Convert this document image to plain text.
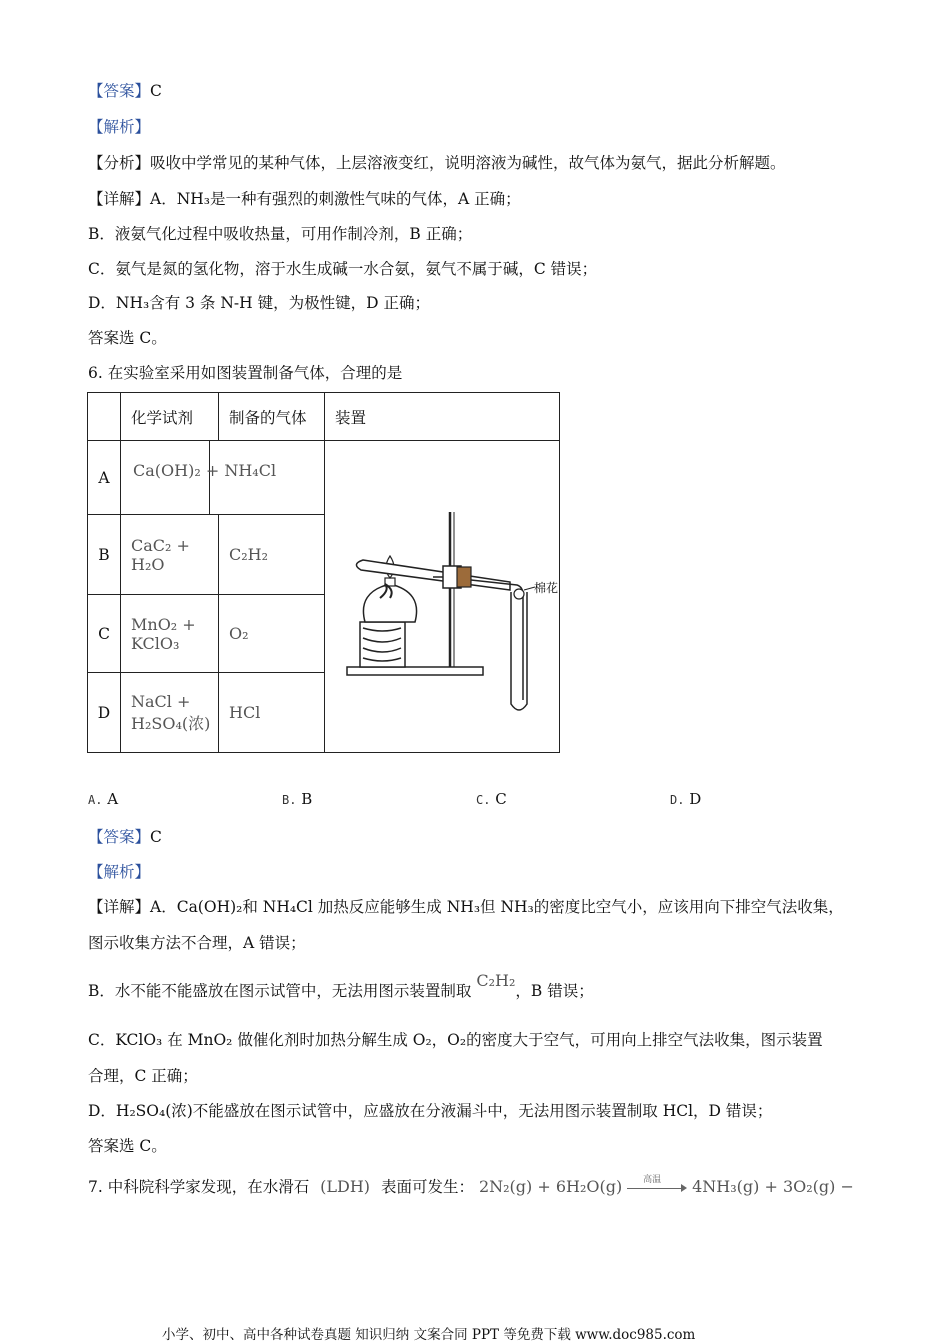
【答案】C
【解析】
【分析】吸收中学常见的某种气体，上层溶液变红，说明溶液为碱性，故气体为氨气，据此分析解题。
【详解】A．NH₃是一种有强烈的刺激性气味的气体，A 正确；
B．液氨气化过程中吸收热量，可用作制冷剂，B 正确；
C．氨气是氮的氢化物，溶于水生成碱一水合氨，氨气不属于碱，C 错误；
D．NH₃含有 3 条 N-H 键，为极性键，D 正确；
答案选 C。
6. 在实验室采用如图装置制备气体，合理的是
	化学试剂	制备的气体	装置
A	Ca(OH)₂ + NH₄Cl		棉花

B	CaC₂ + H₂O	C₂H₂	
C	MnO₂ + KClO₃	O₂	
D	NaCl + H₂SO₄(浓)	HCl	
A. A	B. B	C. C	D. D
【答案】C
【解析】
【详解】A．Ca(OH)₂和 NH₄Cl 加热反应能够生成 NH₃但 NH₃的密度比空气小，应该用向下排空气法收集，
图示收集方法不合理，A 错误；
B．水不能不能盛放在图示试管中，无法用图示装置制取 C₂H₂，B 错误；
C．KClO₃ 在 MnO₂ 做催化剂时加热分解生成 O₂，O₂的密度大于空气，可用向上排空气法收集，图示装置
合理，C 正确；
D．H₂SO₄(浓)不能盛放在图示试管中，应盛放在分液漏斗中，无法用图示装置制取 HCl，D 错误；
答案选 C。
7. 中科院科学家发现，在水滑石 (LDH) 表面可发生： 2N₂(g) + 6H₂O(g) 高温 4NH₃(g) + 3O₂(g) −
小学、初中、高中各种试卷真题 知识归纳 文案合同 PPT 等免费下载 www.doc985.com
